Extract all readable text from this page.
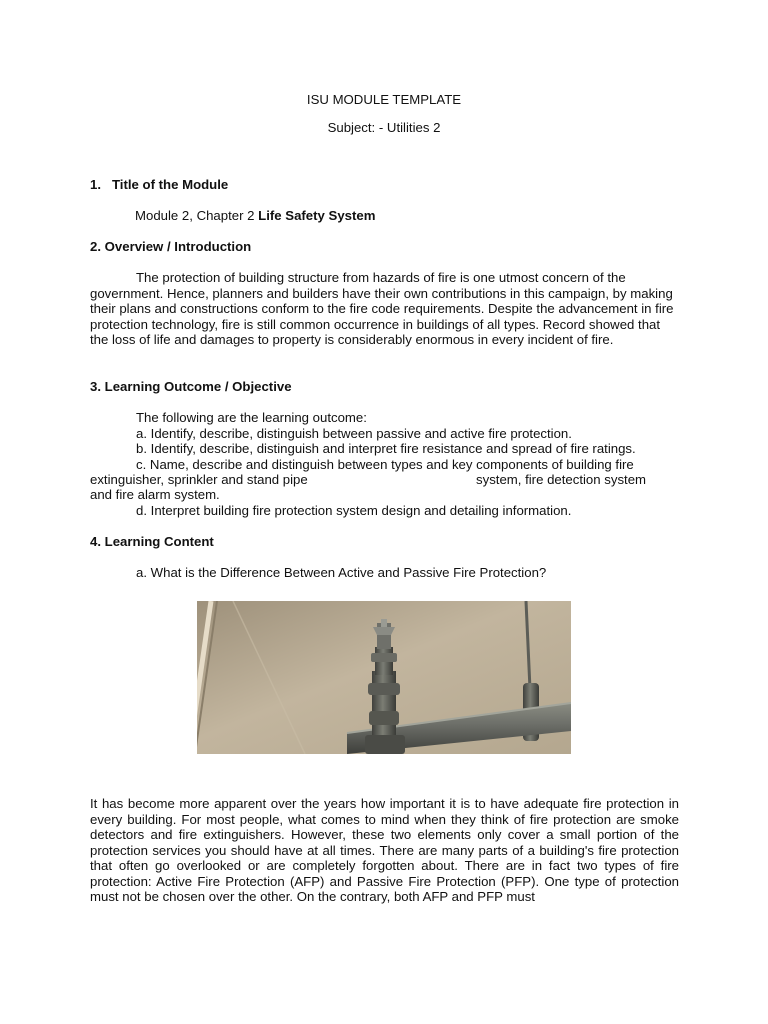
ISU MODULE TEMPLATE

Subject: - Utilities 2

1.   Title of the Module

Module 2, Chapter 2 Life Safety System

2. Overview / Introduction

The protection of building structure from hazards of fire is one utmost concern of the government. Hence, planners and builders have their own contributions in this campaign, by making their plans and constructions conform to the fire code requirements. Despite the advancement in fire protection technology, fire is still common occurrence in buildings of all types. Record showed that the loss of life and damages to property is considerably enormous in every incident of fire.

3. Learning Outcome / Objective

The following are the learning outcome:

a. Identify, describe, distinguish between passive and active fire protection.

b. Identify, describe, distinguish and interpret fire resistance and spread of fire ratings.

c. Name, describe and distinguish between types and key components of building fire

extinguisher, sprinkler and stand pipe	system, fire detection system

and fire alarm system.

d. Interpret building fire protection system design and detailing information.

4. Learning Content

a. What is the Difference Between Active and Passive Fire Protection?

It has become more apparent over the years how important it is to have adequate fire protection in every building. For most people, what comes to mind when they think of fire protection are smoke detectors and fire extinguishers. However, these two elements only cover a small portion of the protection services you should have at all times. There are many parts of a building's fire protection that often go overlooked or are completely forgotten about. There are in fact two types of fire protection: Active Fire Protection (AFP) and Passive Fire Protection (PFP). One type of protection must not be chosen over the other. On the contrary, both AFP and PFP must
